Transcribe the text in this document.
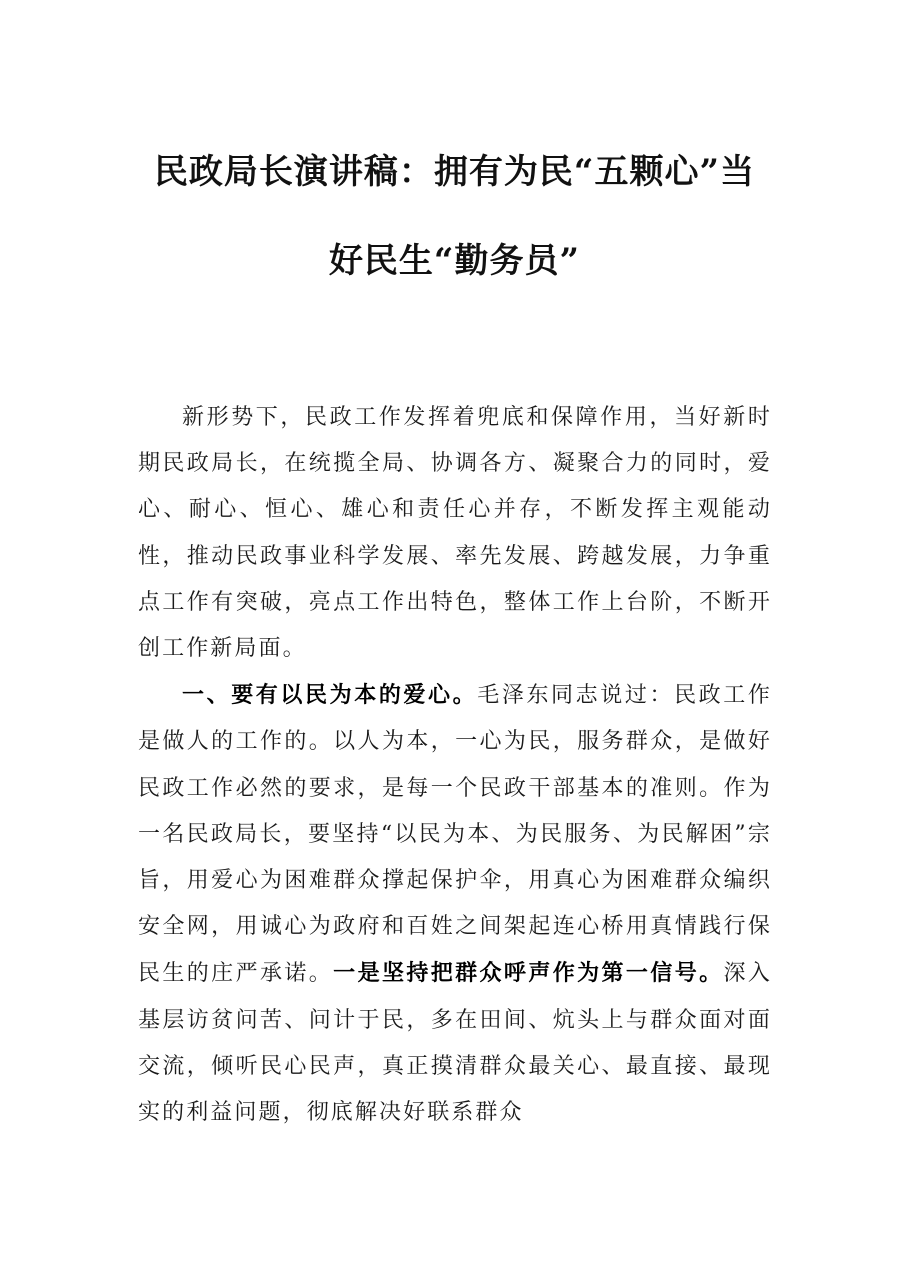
民政局长演讲稿：拥有为民“五颗心”当
好民生“勤务员”

新形势下，民政工作发挥着兜底和保障作用，当好新时期民政局长，在统揽全局、协调各方、凝聚合力的同时，爱心、耐心、恒心、雄心和责任心并存，不断发挥主观能动性，推动民政事业科学发展、率先发展、跨越发展，力争重点工作有突破，亮点工作出特色，整体工作上台阶，不断开创工作新局面。

一、要有以民为本的爱心。毛泽东同志说过：民政工作是做人的工作的。以人为本，一心为民，服务群众，是做好民政工作必然的要求，是每一个民政干部基本的准则。作为一名民政局长，要坚持“以民为本、为民服务、为民解困”宗旨，用爱心为困难群众撑起保护伞，用真心为困难群众编织安全网，用诚心为政府和百姓之间架起连心桥用真情践行保民生的庄严承诺。一是坚持把群众呼声作为第一信号。深入基层访贫问苦、问计于民，多在田间、炕头上与群众面对面交流，倾听民心民声，真正摸清群众最关心、最直接、最现实的利益问题，彻底解决好联系群众
